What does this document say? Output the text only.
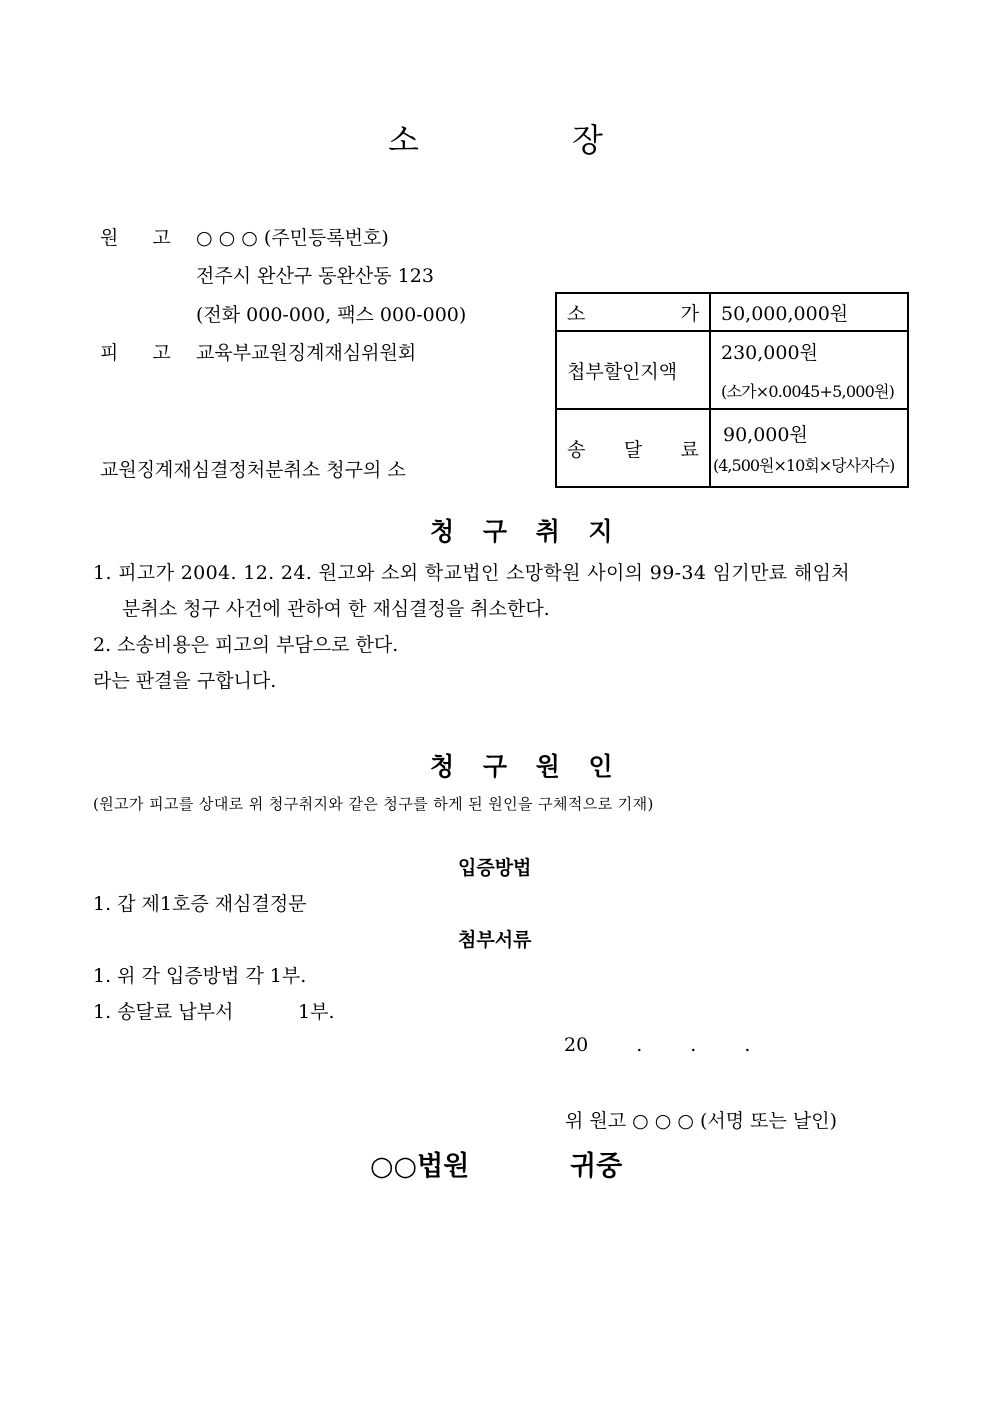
소	장
원 고 ○ ○ ○ (주민등록번호)
전주시 완산구 동완산동 123
(전화 000-000, 팩스 000-000)
피 고 교육부교원징계재심위원회
교원징계재심결정처분취소 청구의 소
소 가	50,000,000원
첩부할인지액	230,000원
(소가×0.0045+5,000원)

송 달 료	90,000원
(4,500원×10회×당사자수)
청 구 취 지
1. 피고가 2004. 12. 24. 원고와 소외 학교법인 소망학원 사이의 99-34 임기만료 해임처
분취소 청구 사건에 관하여 한 재심결정을 취소한다.
2. 소송비용은 피고의 부담으로 한다.
라는 판결을 구합니다.
청 구 원 인
(원고가 피고를 상대로 위 청구취지와 같은 청구를 하게 된 원인을 구체적으로 기재)
입증방법
1. 갑 제1호증 재심결정문
첨부서류
1. 위 각 입증방법 각 1부.
1. 송달료 납부서	1부.
20 . . .
위 원고 ○ ○ ○ (서명 또는 날인)
○○법원	귀중
